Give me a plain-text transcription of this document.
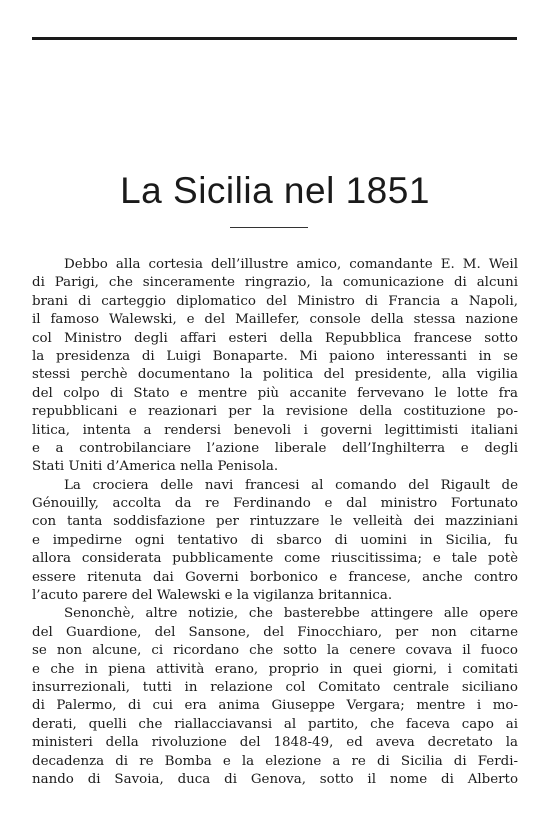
La Sicilia nel 1851
Debbo alla cortesia dell’illustre amico, comandante E. M. Weil
di Parigi, che sinceramente ringrazio, la comunicazione di alcuni
brani di carteggio diplomatico del Ministro di Francia a Napoli,
il famoso Walewski, e del Maillefer, console della stessa nazione
col Ministro degli affari esteri della Repubblica francese sotto
la presidenza di Luigi Bonaparte. Mi paiono interessanti in se
stessi perchè documentano la politica del presidente, alla vigilia
del colpo di Stato e mentre più accanite fervevano le lotte fra
repubblicani e reazionari per la revisione della costituzione po-
litica, intenta a rendersi benevoli i governi legittimisti italiani
e a controbilanciare l’azione liberale dell’Inghilterra e degli
Stati Uniti d’America nella Penisola.
La crociera delle navi francesi al comando del Rigault de
Génouilly, accolta da re Ferdinando e dal ministro Fortunato
con tanta soddisfazione per rintuzzare le velleità dei mazziniani
e impedirne ogni tentativo di sbarco di uomini in Sicilia, fu
allora considerata pubblicamente come riuscitissima; e tale potè
essere ritenuta dai Governi borbonico e francese, anche contro
l’acuto parere del Walewski e la vigilanza britannica.
Senonchè, altre notizie, che basterebbe attingere alle opere
del Guardione, del Sansone, del Finocchiaro, per non citarne
se non alcune, ci ricordano che sotto la cenere covava il fuoco
e che in piena attività erano, proprio in quei giorni, i comitati
insurrezionali, tutti in relazione col Comitato centrale siciliano
di Palermo, di cui era anima Giuseppe Vergara; mentre i mo-
derati, quelli che riallacciavansi al partito, che faceva capo ai
ministeri della rivoluzione del 1848-49, ed aveva decretato la
decadenza di re Bomba e la elezione a re di Sicilia di Ferdi-
nando di Savoia, duca di Genova, sotto il nome di Alberto
